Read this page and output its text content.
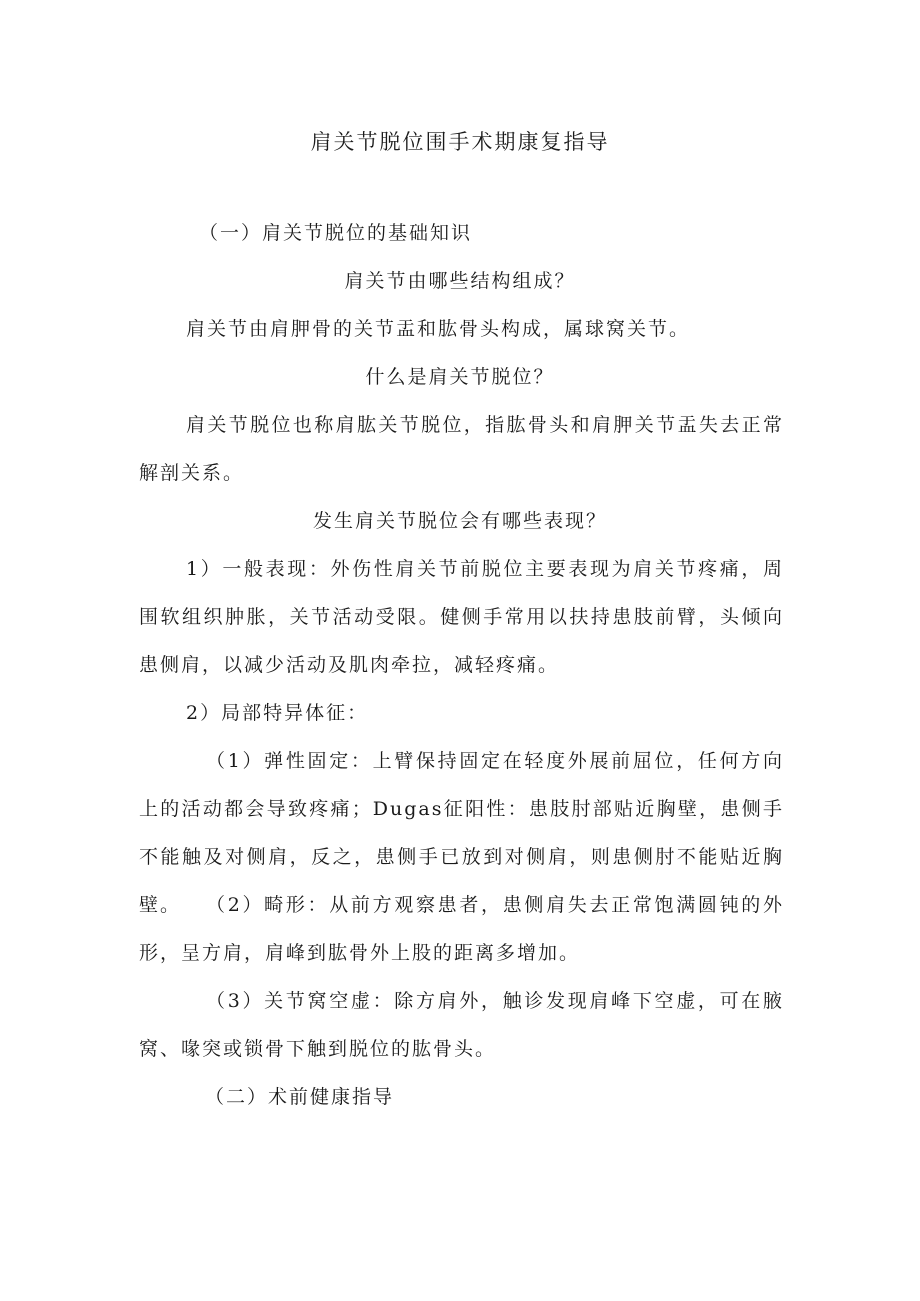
肩关节脱位围手术期康复指导
（一）肩关节脱位的基础知识
肩关节由哪些结构组成？
肩关节由肩胛骨的关节盂和肱骨头构成，属球窝关节。
什么是肩关节脱位？
肩关节脱位也称肩肱关节脱位，指肱骨头和肩胛关节盂失去正常解剖关系。
发生肩关节脱位会有哪些表现？
1）一般表现：外伤性肩关节前脱位主要表现为肩关节疼痛，周围软组织肿胀，关节活动受限。健侧手常用以扶持患肢前臂，头倾向患侧肩，以减少活动及肌肉牵拉，减轻疼痛。
2）局部特异体征：
（1）弹性固定：上臂保持固定在轻度外展前屈位，任何方向上的活动都会导致疼痛；Dugas征阳性：患肢肘部贴近胸壁，患侧手不能触及对侧肩，反之，患侧手已放到对侧肩，则患侧肘不能贴近胸壁。	（2）畸形：从前方观察患者，患侧肩失去正常饱满圆钝的外形，呈方肩，肩峰到肱骨外上股的距离多增加。
（3）关节窝空虚：除方肩外，触诊发现肩峰下空虚，可在腋窝、喙突或锁骨下触到脱位的肱骨头。
（二）术前健康指导
